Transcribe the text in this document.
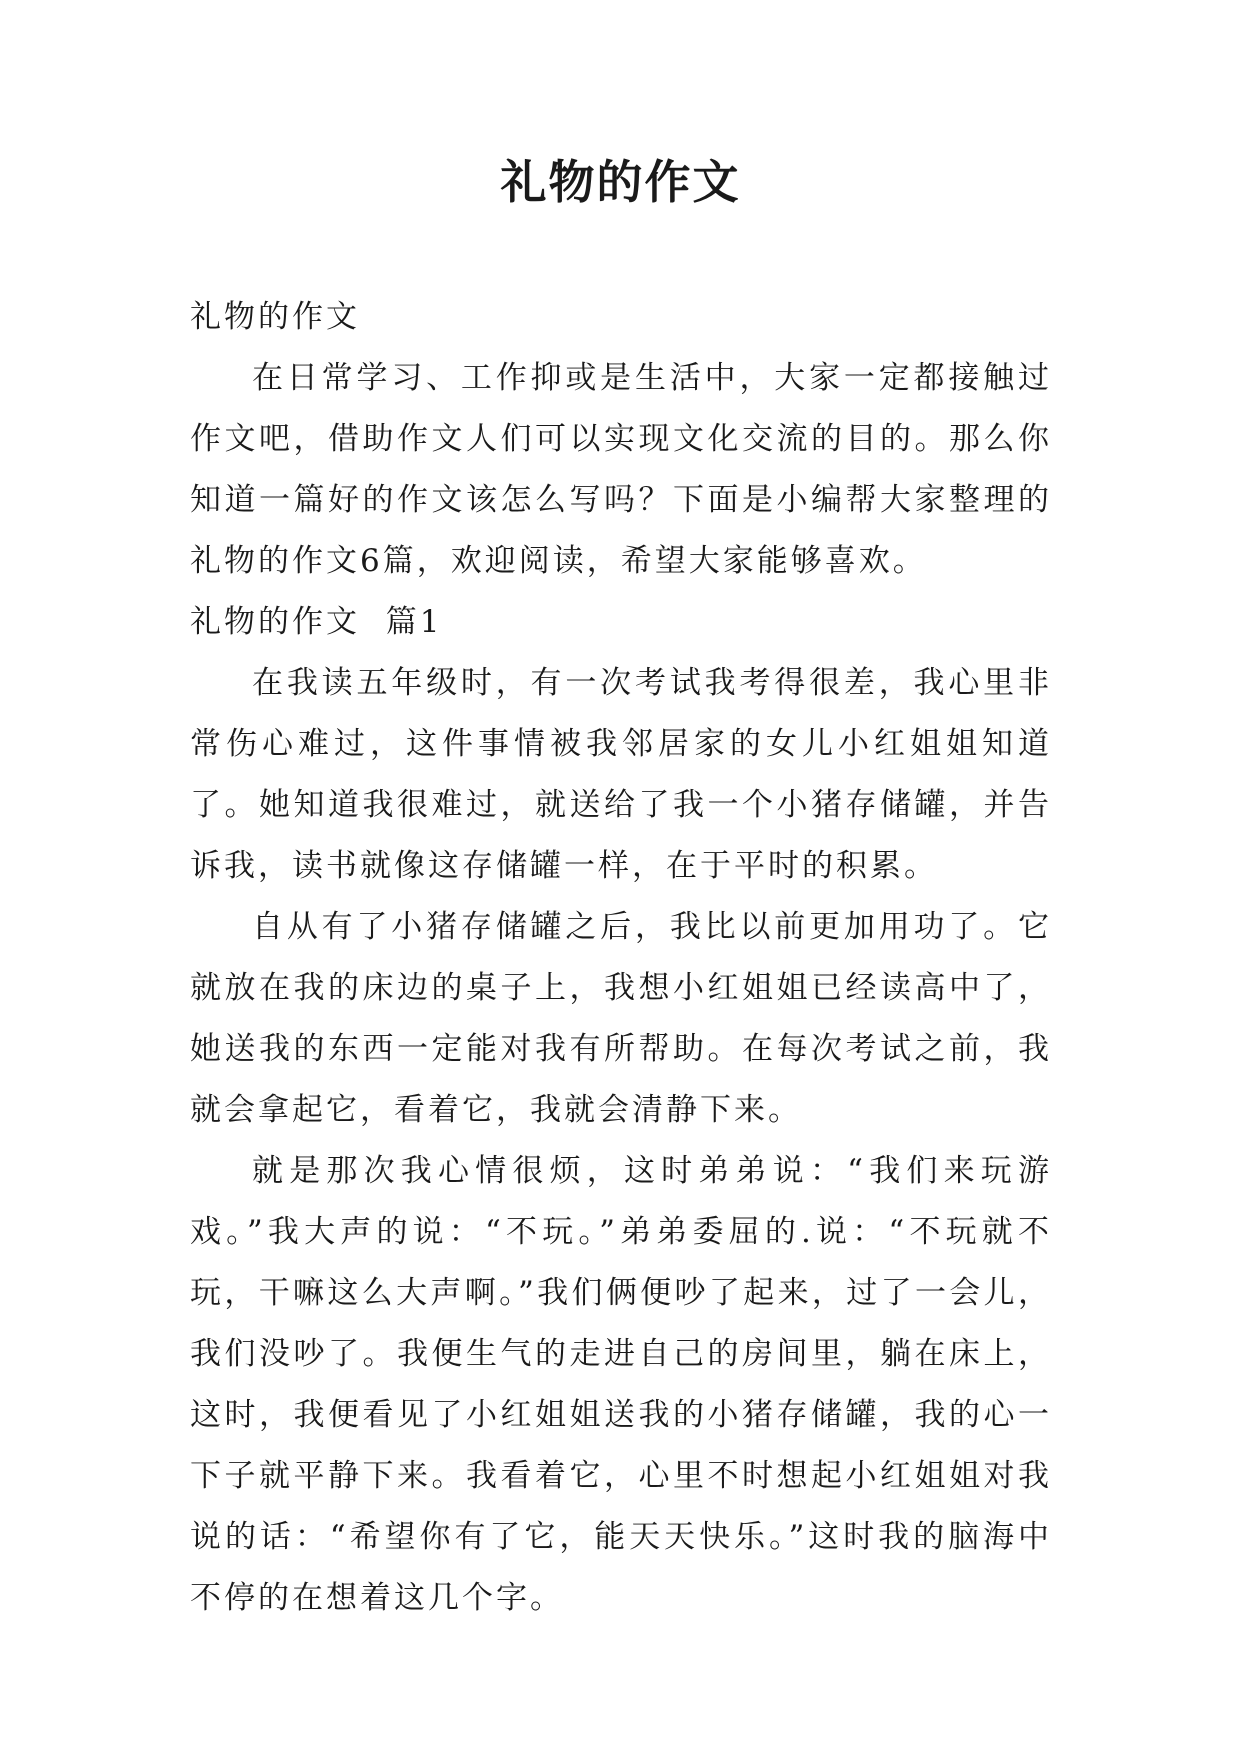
礼物的作文

礼物的作文

在日常学习、工作抑或是生活中，大家一定都接触过作文吧，借助作文人们可以实现文化交流的目的。那么你知道一篇好的作文该怎么写吗？下面是小编帮大家整理的礼物的作文6篇，欢迎阅读，希望大家能够喜欢。

礼物的作文  篇1

在我读五年级时，有一次考试我考得很差，我心里非常伤心难过，这件事情被我邻居家的女儿小红姐姐知道了。她知道我很难过，就送给了我一个小猪存储罐，并告诉我，读书就像这存储罐一样，在于平时的积累。

自从有了小猪存储罐之后，我比以前更加用功了。它就放在我的床边的桌子上，我想小红姐姐已经读高中了，她送我的东西一定能对我有所帮助。在每次考试之前，我就会拿起它，看着它，我就会清静下来。

就是那次我心情很烦，这时弟弟说：“我们来玩游戏。”我大声的说：“不玩。”弟弟委屈的.说：“不玩就不玩，干嘛这么大声啊。”我们俩便吵了起来，过了一会儿，我们没吵了。我便生气的走进自己的房间里，躺在床上，这时，我便看见了小红姐姐送我的小猪存储罐，我的心一下子就平静下来。我看着它，心里不时想起小红姐姐对我说的话：“希望你有了它，能天天快乐。”这时我的脑海中不停的在想着这几个字。
